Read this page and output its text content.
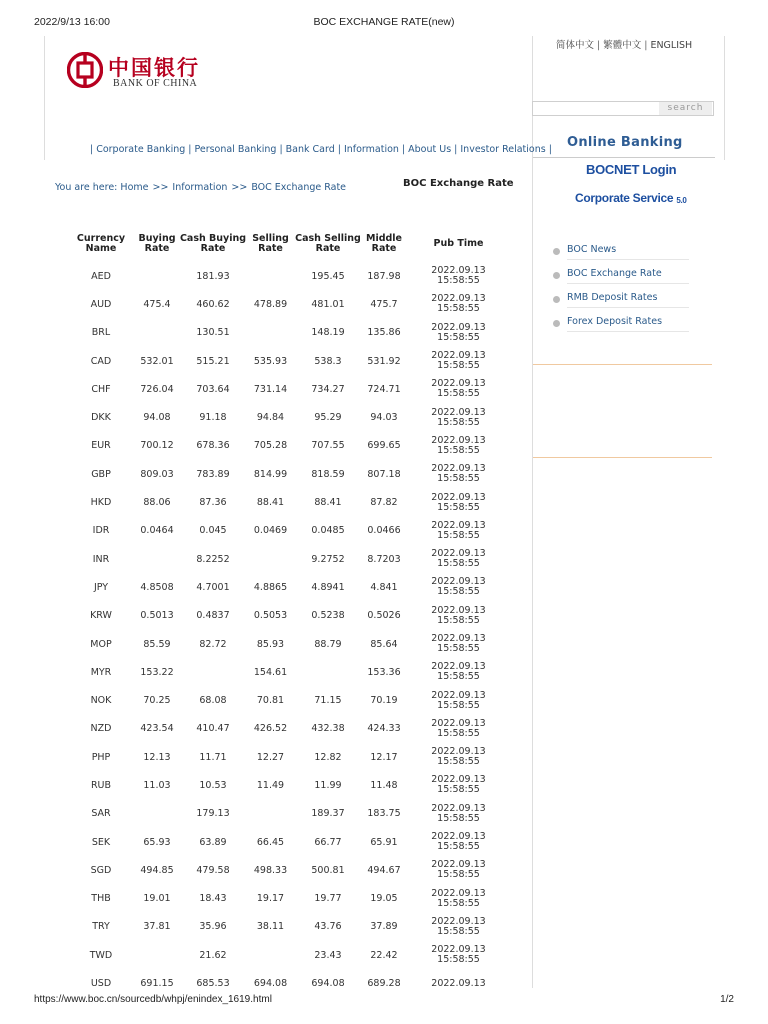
2022/9/13 16:00	BOC EXCHANGE RATE(new)
中国银行
BANK OF CHINA
简体中文 | 繁體中文 | ENGLISH
search
| Corporate Banking | Personal Banking | Bank Card | Information | About Us | Investor Relations |
You are here: Home >> Information >> BOC Exchange Rate	BOC Exchange Rate
Currency Name	Buying Rate	Cash Buying Rate	Selling Rate	Cash Selling Rate	Middle Rate	Pub Time
AED		181.93		195.45	187.98	2022.09.13
15:58:55

AUD	475.4	460.62	478.89	481.01	475.7	2022.09.13
15:58:55

BRL		130.51		148.19	135.86	2022.09.13
15:58:55

CAD	532.01	515.21	535.93	538.3	531.92	2022.09.13
15:58:55

CHF	726.04	703.64	731.14	734.27	724.71	2022.09.13
15:58:55

DKK	94.08	91.18	94.84	95.29	94.03	2022.09.13
15:58:55

EUR	700.12	678.36	705.28	707.55	699.65	2022.09.13
15:58:55

GBP	809.03	783.89	814.99	818.59	807.18	2022.09.13
15:58:55

HKD	88.06	87.36	88.41	88.41	87.82	2022.09.13
15:58:55

IDR	0.0464	0.045	0.0469	0.0485	0.0466	2022.09.13
15:58:55

INR		8.2252		9.2752	8.7203	2022.09.13
15:58:55

JPY	4.8508	4.7001	4.8865	4.8941	4.841	2022.09.13
15:58:55

KRW	0.5013	0.4837	0.5053	0.5238	0.5026	2022.09.13
15:58:55

MOP	85.59	82.72	85.93	88.79	85.64	2022.09.13
15:58:55

MYR	153.22		154.61		153.36	2022.09.13
15:58:55

NOK	70.25	68.08	70.81	71.15	70.19	2022.09.13
15:58:55

NZD	423.54	410.47	426.52	432.38	424.33	2022.09.13
15:58:55

PHP	12.13	11.71	12.27	12.82	12.17	2022.09.13
15:58:55

RUB	11.03	10.53	11.49	11.99	11.48	2022.09.13
15:58:55

SAR		179.13		189.37	183.75	2022.09.13
15:58:55

SEK	65.93	63.89	66.45	66.77	65.91	2022.09.13
15:58:55

SGD	494.85	479.58	498.33	500.81	494.67	2022.09.13
15:58:55

THB	19.01	18.43	19.17	19.77	19.05	2022.09.13
15:58:55

TRY	37.81	35.96	38.11	43.76	37.89	2022.09.13
15:58:55

TWD		21.62		23.43	22.42	2022.09.13
15:58:55

USD	691.15	685.53	694.08	694.08	689.28	2022.09.13
Online Banking
BOCNET Login
Corporate Service $^{5.0}$
BOC News
BOC Exchange Rate
RMB Deposit Rates
Forex Deposit Rates
https://www.boc.cn/sourcedb/whpj/enindex_1619.html	1/2
